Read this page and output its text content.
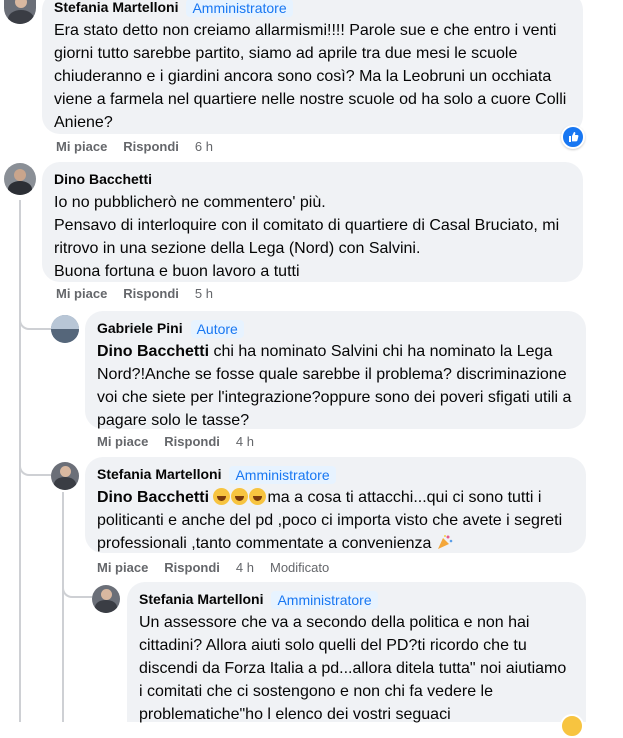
Stefania Martelloni	Amministratore
Era stato detto non creiamo allarmismi!!!! Parole sue e che entro i venti giorni tutto sarebbe partito, siamo ad aprile tra due mesi le scuole chiuderanno e i giardini ancora sono così? Ma la Leobruni un occhiata viene a farmela nel quartiere nelle nostre scuole od ha solo a cuore Colli Aniene?
Mi piace Rispondi 6 h
Dino Bacchetti
Io no pubblicherò ne commentero' più.
Pensavo di interloquire con il comitato di quartiere di Casal Bruciato, mi ritrovo in una sezione della Lega (Nord) con Salvini.
Buona fortuna e buon lavoro a tutti
Mi piace Rispondi 5 h
Gabriele Pini	Autore
Dino Bacchetti chi ha nominato Salvini chi ha nominato la Lega Nord?!Anche se fosse quale sarebbe il problema? discriminazione voi che siete per l'integrazione?oppure sono dei poveri sfigati utili a pagare solo le tasse?
Mi piace Rispondi 4 h
Stefania Martelloni	Amministratore
Dino Bacchetti	ma a cosa ti attacchi...qui ci sono tutti i politicanti e anche del pd ,poco ci importa visto che avete i segreti professionali ,tanto commentate a convenienza
Mi piace Rispondi 4 h Modificato
Stefania Martelloni	Amministratore
Un assessore che va a secondo della politica e non hai cittadini? Allora aiuti solo quelli del PD?ti ricordo che tu discendi da Forza Italia a pd...allora ditela tutta" noi aiutiamo i comitati che ci sostengono e non chi fa vedere le problematiche"ho l elenco dei vostri seguaci
